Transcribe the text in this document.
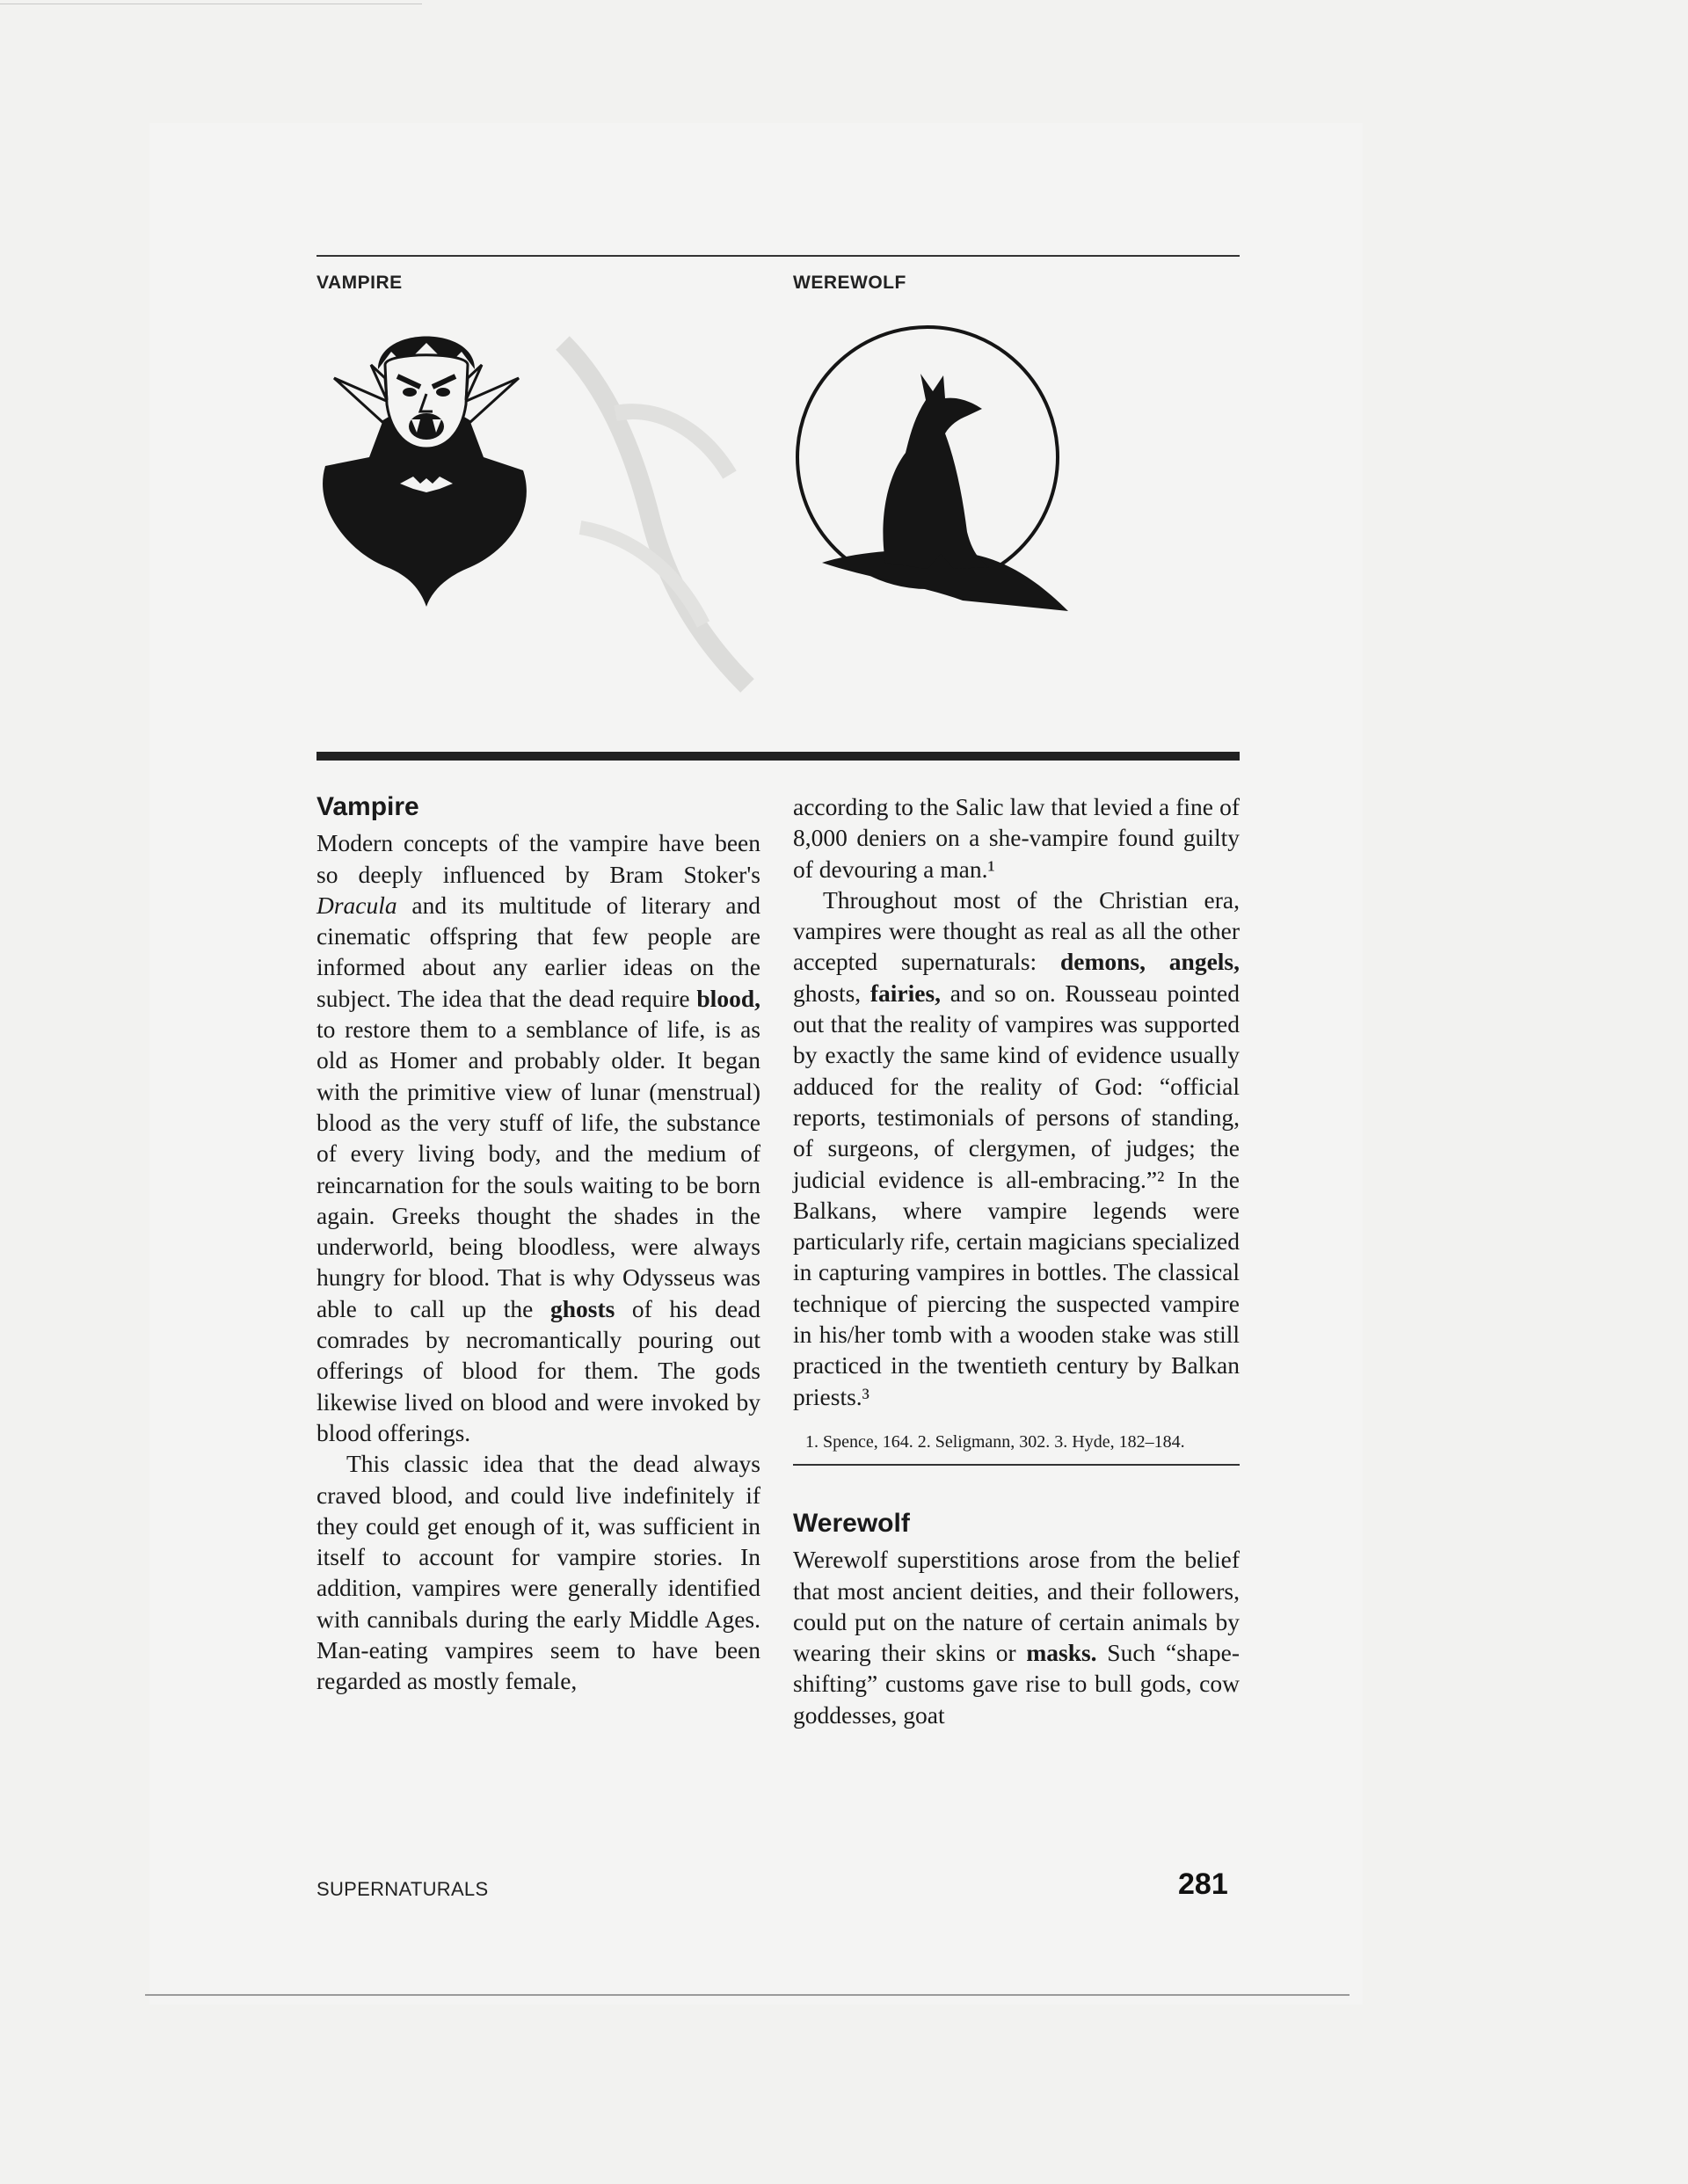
VAMPIRE	WEREWOLF
Vampire

Modern concepts of the vampire have been so deeply influenced by Bram Stoker's Dracula and its multitude of literary and cinematic offspring that few people are informed about any earlier ideas on the subject. The idea that the dead require blood, to restore them to a semblance of life, is as old as Homer and probably older. It began with the primitive view of lunar (menstrual) blood as the very stuff of life, the substance of every living body, and the medium of reincarnation for the souls waiting to be born again. Greeks thought the shades in the underworld, being bloodless, were always hungry for blood. That is why Odysseus was able to call up the ghosts of his dead comrades by necromantically pouring out offerings of blood for them. The gods likewise lived on blood and were invoked by blood offerings.

This classic idea that the dead always craved blood, and could live indefinitely if they could get enough of it, was sufficient in itself to account for vampire stories. In addition, vampires were generally identified with cannibals during the early Middle Ages. Man-eating vampires seem to have been regarded as mostly female,

according to the Salic law that levied a fine of 8,000 deniers on a she-vampire found guilty of devouring a man.¹

Throughout most of the Christian era, vampires were thought as real as all the other accepted supernaturals: demons, angels, ghosts, fairies, and so on. Rousseau pointed out that the reality of vampires was supported by exactly the same kind of evidence usually adduced for the reality of God: “official reports, testimonials of persons of standing, of surgeons, of clergymen, of judges; the judicial evidence is all-embracing.”² In the Balkans, where vampire legends were particularly rife, certain magicians specialized in capturing vampires in bottles. The classical technique of piercing the suspected vampire in his/her tomb with a wooden stake was still practiced in the twentieth century by Balkan priests.³

1. Spence, 164. 2. Seligmann, 302. 3. Hyde, 182–184.
Werewolf

Werewolf superstitions arose from the belief that most ancient deities, and their followers, could put on the nature of certain animals by wearing their skins or masks. Such “shape-shifting” customs gave rise to bull gods, cow goddesses, goat

SUPERNATURALS	281
